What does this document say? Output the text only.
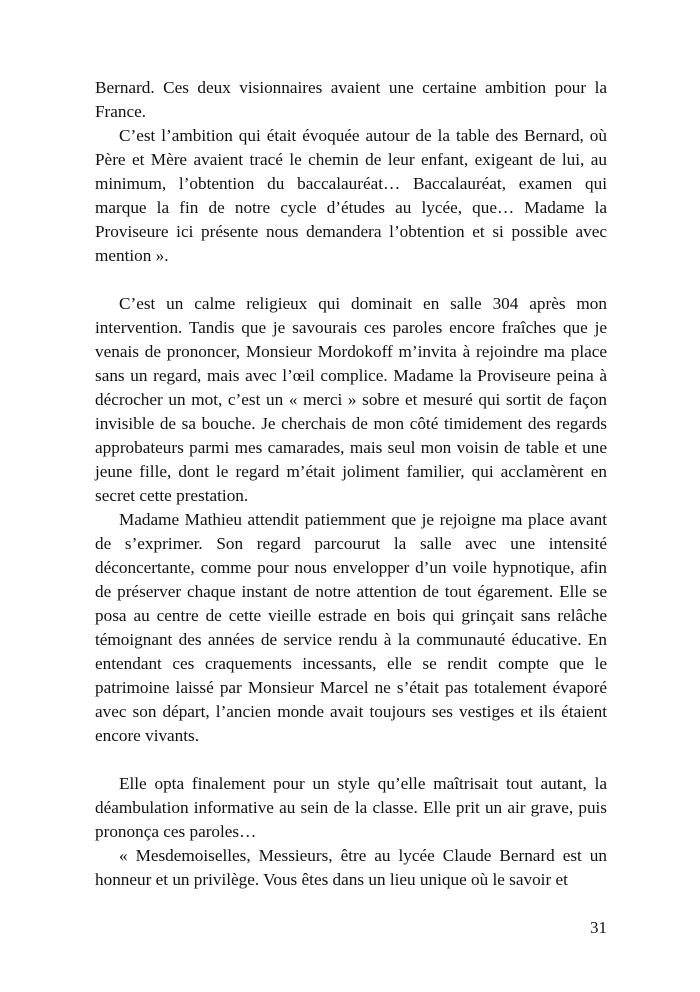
Bernard. Ces deux visionnaires avaient une certaine ambition pour la France.

C’est l’ambition qui était évoquée autour de la table des Bernard, où Père et Mère avaient tracé le chemin de leur enfant, exigeant de lui, au minimum, l’obtention du baccalauréat… Baccalauréat, examen qui marque la fin de notre cycle d’études au lycée, que… Madame la Proviseure ici présente nous demandera l’obtention et si possible avec mention ».

C’est un calme religieux qui dominait en salle 304 après mon intervention. Tandis que je savourais ces paroles encore fraîches que je venais de prononcer, Monsieur Mordokoff m’invita à rejoindre ma place sans un regard, mais avec l’œil complice. Madame la Proviseure peina à décrocher un mot, c’est un « merci » sobre et mesuré qui sortit de façon invisible de sa bouche. Je cherchais de mon côté timidement des regards approbateurs parmi mes camarades, mais seul mon voisin de table et une jeune fille, dont le regard m’était joliment familier, qui acclamèrent en secret cette prestation.

Madame Mathieu attendit patiemment que je rejoigne ma place avant de s’exprimer. Son regard parcourut la salle avec une intensité déconcertante, comme pour nous envelopper d’un voile hypnotique, afin de préserver chaque instant de notre attention de tout égarement. Elle se posa au centre de cette vieille estrade en bois qui grinçait sans relâche témoignant des années de service rendu à la communauté éducative. En entendant ces craquements incessants, elle se rendit compte que le patrimoine laissé par Monsieur Marcel ne s’était pas totalement évaporé avec son départ, l’ancien monde avait toujours ses vestiges et ils étaient encore vivants.

Elle opta finalement pour un style qu’elle maîtrisait tout autant, la déambulation informative au sein de la classe. Elle prit un air grave, puis prononça ces paroles…

« Mesdemoiselles, Messieurs, être au lycée Claude Bernard est un honneur et un privilège. Vous êtes dans un lieu unique où le savoir et

31
